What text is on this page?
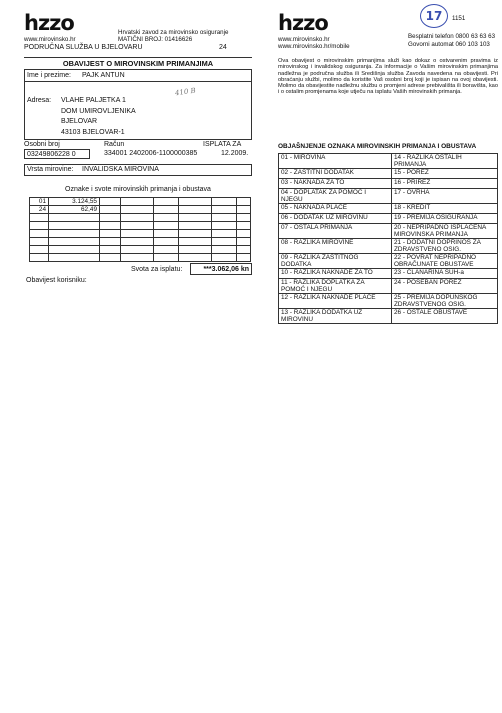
hzzo
www.mirovinsko.hr
Hrvatski zavod za mirovinsko osiguranje
MATIČNI BROJ: 01416626
PODRUČNA SLUŽBA U BJELOVARU	24
OBAVIJEST O MIROVINSKIM PRIMANJIMA
Ime i prezime: PAJK ANTUN
Adresa: VLAHE PALJETKA 1
DOM UMIROVLJENIKA
BJELOVAR
43103 BJELOVAR-1
410 B
Osobni broj	Račun	ISPLATA ZA
03249806228 0	334001 2402006-1100000385	12.2009.
Vrsta mirovine: INVALIDSKA MIROVINA
Oznake i svote mirovinskih primanja i obustava
01	3.124,55						
24	62,49						

Svota za isplatu:	***3.062,06 kn
Obavijest korisniku:
hzzo
www.mirovinsko.hr
www.mirovinsko.hr/mobile
17	1151
Besplatni telefon 0800 63 63 63
Govorni automat 060 103 103
Ova obavijest o mirovinskim primanjima služi kao dokaz o ostvarenim pravima iz mirovinskog i invalidskog osiguranja. Za informacije o Vašim mirovinskim primanjima nadležna je područna služba ili Središnja služba Zavoda navedena na obavijesti. Pri obraćanju službi, molimo da koristite Vaš osobni broj koji je ispisan na ovoj obavijesti. Molimo da obavijestite nadležnu službu o promjeni adrese prebivališta ili boravišta, kao i o ostalim promjenama koje utječu na isplatu Vaših mirovinskih primanja.
OBJAŠNJENJE OZNAKA MIROVINSKIH PRIMANJA I OBUSTAVA
01 - MIROVINA	14 - RAZLIKA OSTALIH PRIMANJA
02 - ZAŠTITNI DODATAK	15 - POREZ
03 - NAKNADA ZA TO	16 - PRIREZ
04 - DOPLATAK ZA POMOĆ I NJEGU	17 - OVRHA
05 - NAKNADA PLAĆE	18 - KREDIT
06 - DODATAK UZ MIROVINU	19 - PREMIJA OSIGURANJA
07 - OSTALA PRIMANJA	20 - NEPRIPADNO ISPLAĆENA MIROVINSKA PRIMANJA
08 - RAZLIKA MIROVINE	21 - DODATNI DOPRINOS ZA ZDRAVSTVENO OSIG.
09 - RAZLIKA ZAŠTITNOG DODATKA	22 - POVRAT NEPRIPADNO OBRAČUNATE OBUSTAVE
10 - RAZLIKA NAKNADE ZA TO	23 - ČLANARINA SUH-a
11 - RAZLIKA DOPLATKA ZA POMOĆ I NJEGU	24 - POSEBAN POREZ
12 - RAZLIKA NAKNADE PLAĆE	25 - PREMIJA DOPUNSKOG ZDRAVSTVENOG OSIG.
13 - RAZLIKA DODATKA UZ MIROVINU	26 - OSTALE OBUSTAVE
